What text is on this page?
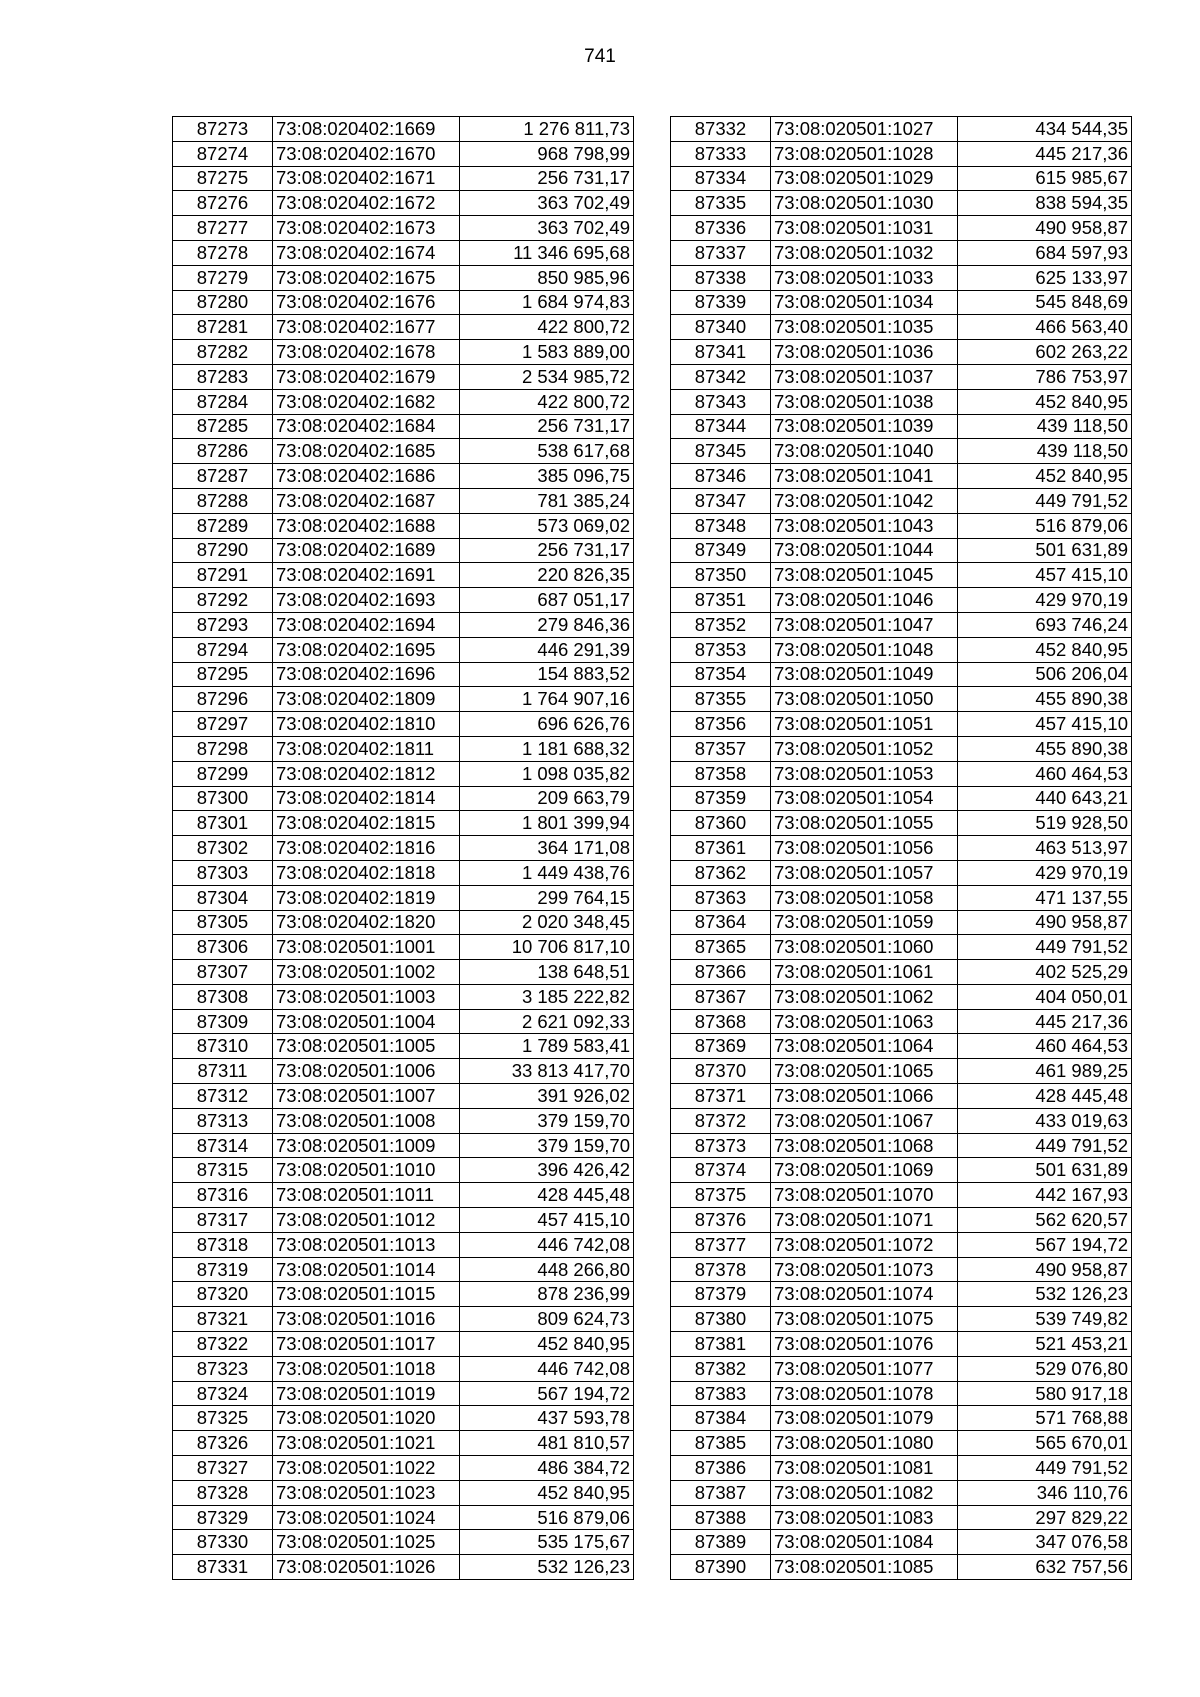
741
87273	73:08:020402:1669	1 276 811,73
87274	73:08:020402:1670	968 798,99
87275	73:08:020402:1671	256 731,17
87276	73:08:020402:1672	363 702,49
87277	73:08:020402:1673	363 702,49
87278	73:08:020402:1674	11 346 695,68
87279	73:08:020402:1675	850 985,96
87280	73:08:020402:1676	1 684 974,83
87281	73:08:020402:1677	422 800,72
87282	73:08:020402:1678	1 583 889,00
87283	73:08:020402:1679	2 534 985,72
87284	73:08:020402:1682	422 800,72
87285	73:08:020402:1684	256 731,17
87286	73:08:020402:1685	538 617,68
87287	73:08:020402:1686	385 096,75
87288	73:08:020402:1687	781 385,24
87289	73:08:020402:1688	573 069,02
87290	73:08:020402:1689	256 731,17
87291	73:08:020402:1691	220 826,35
87292	73:08:020402:1693	687 051,17
87293	73:08:020402:1694	279 846,36
87294	73:08:020402:1695	446 291,39
87295	73:08:020402:1696	154 883,52
87296	73:08:020402:1809	1 764 907,16
87297	73:08:020402:1810	696 626,76
87298	73:08:020402:1811	1 181 688,32
87299	73:08:020402:1812	1 098 035,82
87300	73:08:020402:1814	209 663,79
87301	73:08:020402:1815	1 801 399,94
87302	73:08:020402:1816	364 171,08
87303	73:08:020402:1818	1 449 438,76
87304	73:08:020402:1819	299 764,15
87305	73:08:020402:1820	2 020 348,45
87306	73:08:020501:1001	10 706 817,10
87307	73:08:020501:1002	138 648,51
87308	73:08:020501:1003	3 185 222,82
87309	73:08:020501:1004	2 621 092,33
87310	73:08:020501:1005	1 789 583,41
87311	73:08:020501:1006	33 813 417,70
87312	73:08:020501:1007	391 926,02
87313	73:08:020501:1008	379 159,70
87314	73:08:020501:1009	379 159,70
87315	73:08:020501:1010	396 426,42
87316	73:08:020501:1011	428 445,48
87317	73:08:020501:1012	457 415,10
87318	73:08:020501:1013	446 742,08
87319	73:08:020501:1014	448 266,80
87320	73:08:020501:1015	878 236,99
87321	73:08:020501:1016	809 624,73
87322	73:08:020501:1017	452 840,95
87323	73:08:020501:1018	446 742,08
87324	73:08:020501:1019	567 194,72
87325	73:08:020501:1020	437 593,78
87326	73:08:020501:1021	481 810,57
87327	73:08:020501:1022	486 384,72
87328	73:08:020501:1023	452 840,95
87329	73:08:020501:1024	516 879,06
87330	73:08:020501:1025	535 175,67
87331	73:08:020501:1026	532 126,23
87332	73:08:020501:1027	434 544,35
87333	73:08:020501:1028	445 217,36
87334	73:08:020501:1029	615 985,67
87335	73:08:020501:1030	838 594,35
87336	73:08:020501:1031	490 958,87
87337	73:08:020501:1032	684 597,93
87338	73:08:020501:1033	625 133,97
87339	73:08:020501:1034	545 848,69
87340	73:08:020501:1035	466 563,40
87341	73:08:020501:1036	602 263,22
87342	73:08:020501:1037	786 753,97
87343	73:08:020501:1038	452 840,95
87344	73:08:020501:1039	439 118,50
87345	73:08:020501:1040	439 118,50
87346	73:08:020501:1041	452 840,95
87347	73:08:020501:1042	449 791,52
87348	73:08:020501:1043	516 879,06
87349	73:08:020501:1044	501 631,89
87350	73:08:020501:1045	457 415,10
87351	73:08:020501:1046	429 970,19
87352	73:08:020501:1047	693 746,24
87353	73:08:020501:1048	452 840,95
87354	73:08:020501:1049	506 206,04
87355	73:08:020501:1050	455 890,38
87356	73:08:020501:1051	457 415,10
87357	73:08:020501:1052	455 890,38
87358	73:08:020501:1053	460 464,53
87359	73:08:020501:1054	440 643,21
87360	73:08:020501:1055	519 928,50
87361	73:08:020501:1056	463 513,97
87362	73:08:020501:1057	429 970,19
87363	73:08:020501:1058	471 137,55
87364	73:08:020501:1059	490 958,87
87365	73:08:020501:1060	449 791,52
87366	73:08:020501:1061	402 525,29
87367	73:08:020501:1062	404 050,01
87368	73:08:020501:1063	445 217,36
87369	73:08:020501:1064	460 464,53
87370	73:08:020501:1065	461 989,25
87371	73:08:020501:1066	428 445,48
87372	73:08:020501:1067	433 019,63
87373	73:08:020501:1068	449 791,52
87374	73:08:020501:1069	501 631,89
87375	73:08:020501:1070	442 167,93
87376	73:08:020501:1071	562 620,57
87377	73:08:020501:1072	567 194,72
87378	73:08:020501:1073	490 958,87
87379	73:08:020501:1074	532 126,23
87380	73:08:020501:1075	539 749,82
87381	73:08:020501:1076	521 453,21
87382	73:08:020501:1077	529 076,80
87383	73:08:020501:1078	580 917,18
87384	73:08:020501:1079	571 768,88
87385	73:08:020501:1080	565 670,01
87386	73:08:020501:1081	449 791,52
87387	73:08:020501:1082	346 110,76
87388	73:08:020501:1083	297 829,22
87389	73:08:020501:1084	347 076,58
87390	73:08:020501:1085	632 757,56
